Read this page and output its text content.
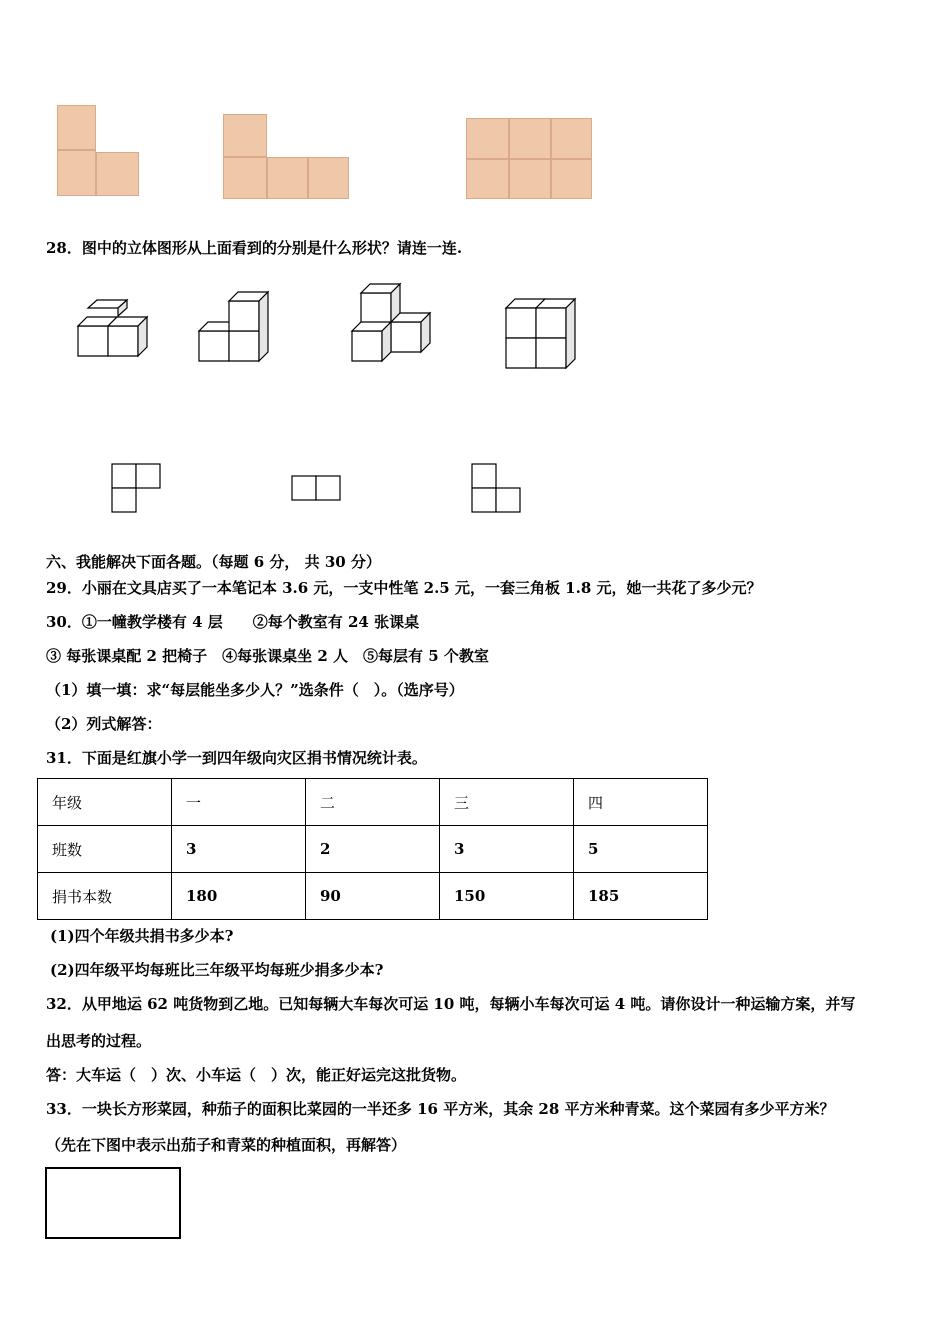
28．图中的立体图形从上面看到的分别是什么形状？请连一连.
六、我能解决下面各题。（每题 6 分， 共 30 分）
29．小丽在文具店买了一本笔记本 3.6 元，一支中性笔 2.5 元，一套三角板 1.8 元，她一共花了多少元？
30．①一幢教学楼有 4 层　　②每个教室有 24 张课桌
③ 每张课桌配 2 把椅子　④每张课桌坐 2 人　⑤每层有 5 个教室
（1）填一填：求“每层能坐多少人？”选条件（　）。（选序号）
（2）列式解答：
31．下面是红旗小学一到四年级向灾区捐书情况统计表。
年级	一	二	三	四
班数	3	2	3	5
捐书本数	180	90	150	185
(1)四个年级共捐书多少本?
(2)四年级平均每班比三年级平均每班少捐多少本?
32．从甲地运 62 吨货物到乙地。已知每辆大车每次可运 10 吨，每辆小车每次可运 4 吨。请你设计一种运输方案，并写
出思考的过程。
答：大车运（　）次、小车运（　）次，能正好运完这批货物。
33．一块长方形菜园，种茄子的面积比菜园的一半还多 16 平方米，其余 28 平方米种青菜。这个菜园有多少平方米？
（先在下图中表示出茄子和青菜的种植面积，再解答）
